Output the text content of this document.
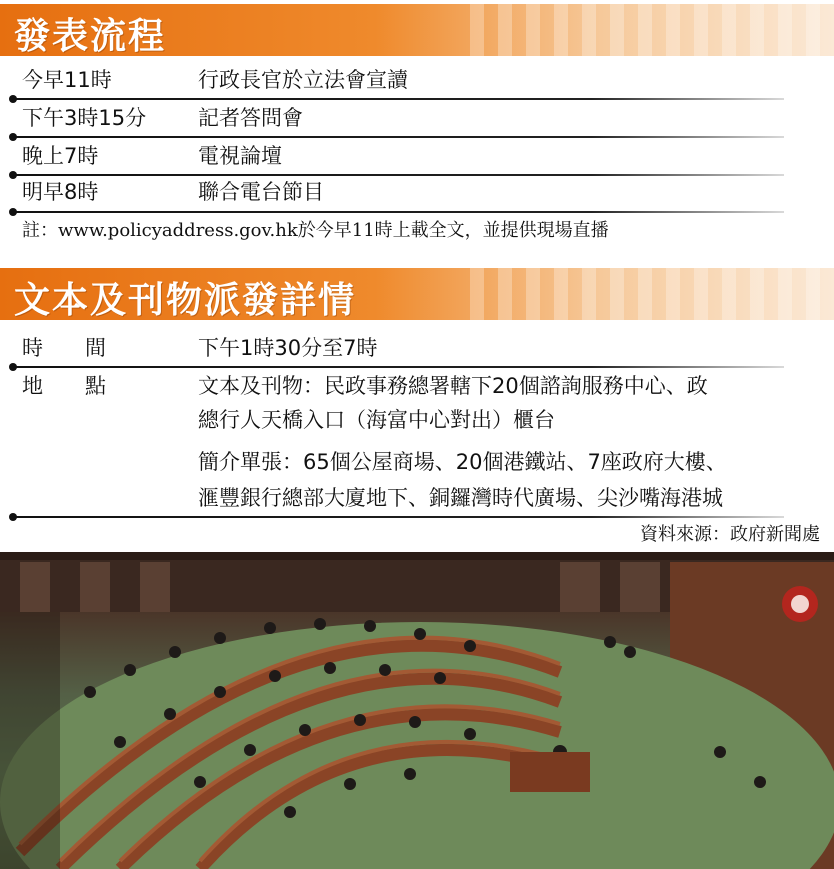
發表流程
今早11時	行政長官於立法會宣讀
下午3時15分 記者答問會
晚上7時	電視論壇
明早8時	聯合電台節目
註：www.policyaddress.gov.hk於今早11時上載全文，並提供現場直播
文本及刊物派發詳情
時　　間	下午1時30分至7時
地　　點	文本及刊物：民政事務總署轄下20個諮詢服務中心、政
總行人天橋入口（海富中心對出）櫃台
簡介單張：65個公屋商場、20個港鐵站、7座政府大樓、
滙豐銀行總部大廈地下、銅鑼灣時代廣場、尖沙嘴海港城
資料來源：政府新聞處
